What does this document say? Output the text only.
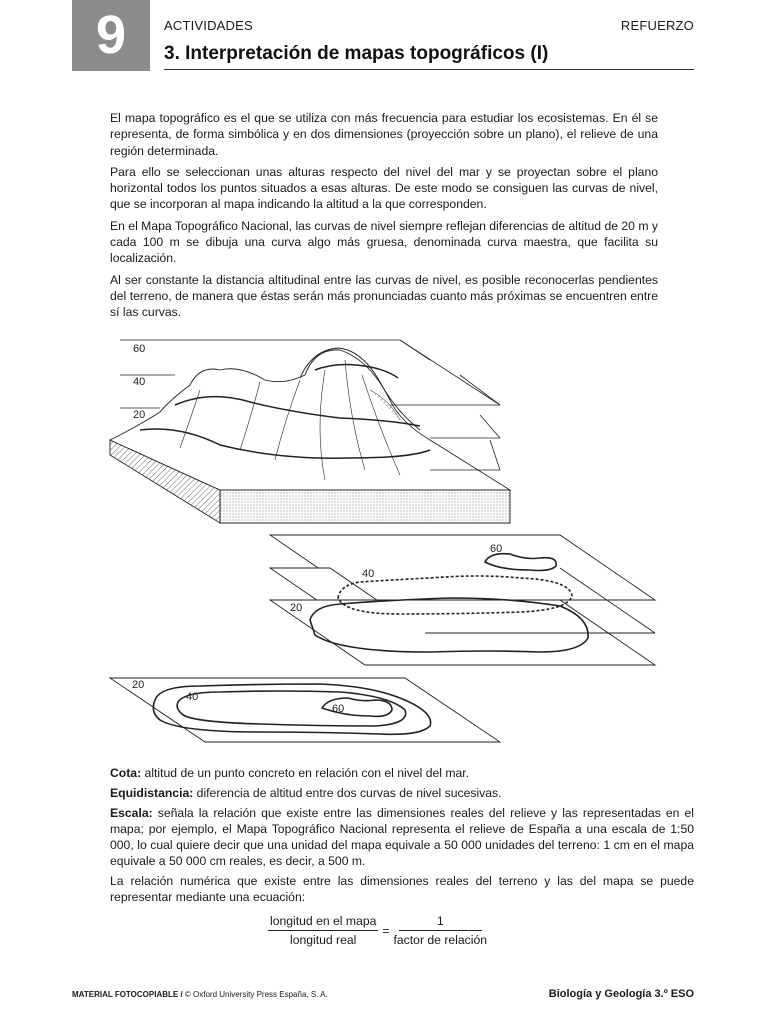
9	ACTIVIDADES	REFUERZO
3. Interpretación de mapas topográficos (I)

El mapa topográfico es el que se utiliza con más frecuencia para estudiar los ecosistemas. En él se representa, de forma simbólica y en dos dimensiones (proyección sobre un plano), el relieve de una región determinada.

Para ello se seleccionan unas alturas respecto del nivel del mar y se proyectan sobre el plano horizontal todos los puntos situados a esas alturas. De este modo se consiguen las curvas de nivel, que se incorporan al mapa indicando la altitud a la que corresponden.

En el Mapa Topográfico Nacional, las curvas de nivel siempre reflejan diferencias de altitud de 20 m y cada 100 m se dibuja una curva algo más gruesa, denominada curva maestra, que facilita su localización.

Al ser constante la distancia altitudinal entre las curvas de nivel, es posible reconocerlas pendientes del terreno, de manera que éstas serán más pronunciadas cuanto más próximas se encuentren entre sí las curvas.

60
40
20
60
40
20
20
40
60

Cota: altitud de un punto concreto en relación con el nivel del mar.

Equidistancia: diferencia de altitud entre dos curvas de nivel sucesivas.

Escala: señala la relación que existe entre las dimensiones reales del relieve y las representadas en el mapa; por ejemplo, el Mapa Topográfico Nacional representa el relieve de España a una escala de 1:50 000, lo cual quiere decir que una unidad del mapa equivale a 50 000 unidades del terreno: 1 cm en el mapa equivale a 50 000 cm reales, es decir, a 500 m.

La relación numérica que existe entre las dimensiones reales del terreno y las del mapa se puede representar mediante una ecuación:

$\frac{\text{longitud en el mapa}}{\text{longitud real}} = \frac{1}{\text{factor de relación}}$
MATERIAL FOTOCOPIABLE / © Oxford University Press España, S. A.	Biología y Geología 3.º ESO
